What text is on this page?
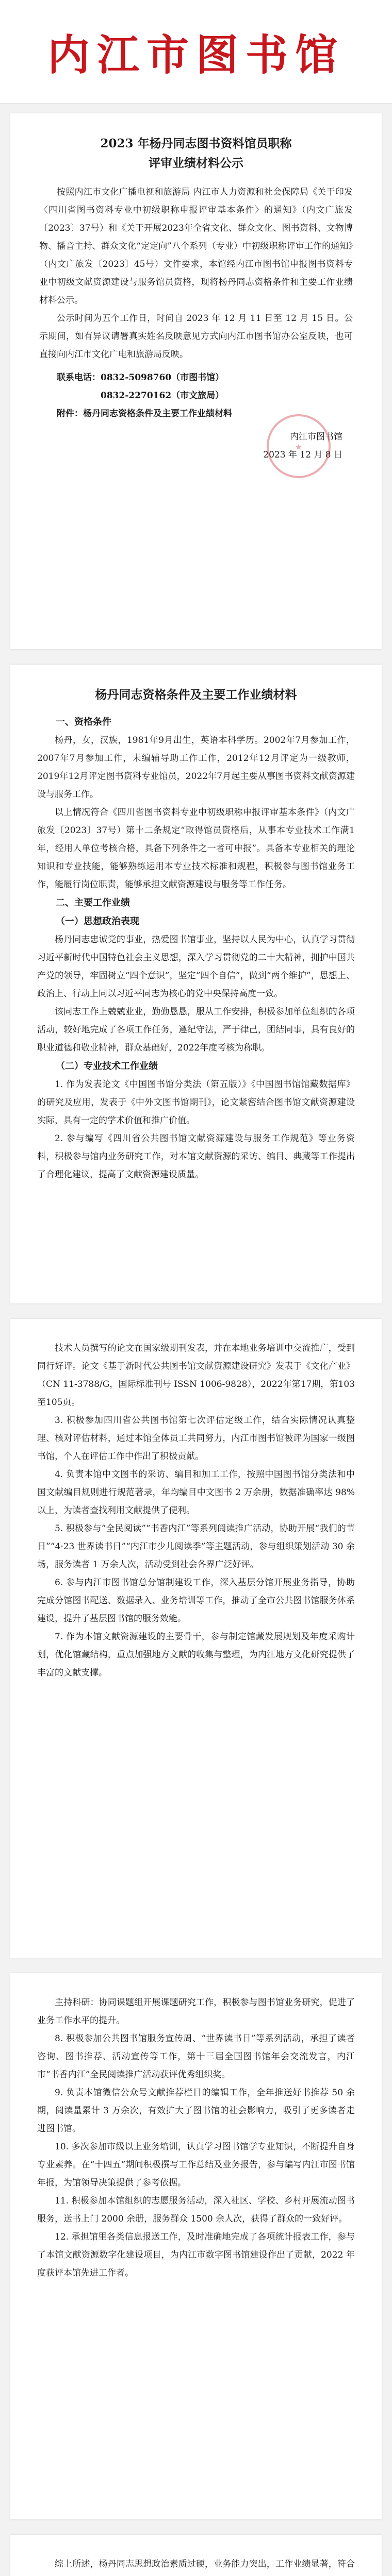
内江市图书馆

2023 年杨丹同志图书资料馆员职称

评审业绩材料公示

按照内江市文化广播电视和旅游局 内江市人力资源和社会保障局《关于印发〈四川省图书资料专业中初级职称申报评审基本条件〉的通知》（内文广旅发〔2023〕37号）和《关于开展2023年全省文化、群众文化、图书资料、文物博物、播音主持、群众文化“定定向”八个系列（专业）中初级职称评审工作的通知》（内文广旅发〔2023〕45号）文件要求，本馆经内江市图书馆申报图书资料专业中初级文献资源建设与服务馆员资格，现将杨丹同志资格条件和主要工作业绩材料公示。

公示时间为五个工作日，时间自 2023 年 12 月 11 日至 12 月 15 日。公示期间，如有异议请署真实姓名反映意见方式向内江市图书馆办公室反映，也可直接向内江市文化广电和旅游局反映。

联系电话：0832-5098760（市图书馆）

0832-2270162（市文旅局）

附件：杨丹同志资格条件及主要工作业绩材料

★

内江市图书馆

2023 年 12 月 8 日

杨丹同志资格条件及主要工作业绩材料

一、资格条件

杨丹，女，汉族，1981年9月出生，英语本科学历。2002年7月参加工作，2007年7月参加工作，未编辅导助工作工作，2012年12月评定为一级教师，2019年12月评定图书资料专业馆员，2022年7月起主要从事图书资料文献资源建设与服务工作。

以上情况符合《四川省图书资料专业中初级职称申报评审基本条件》（内文广旅发〔2023〕37号）第十二条规定“取得馆员资格后，从事本专业技术工作满1年，经用人单位考核合格，具备下列条件之一者可申报”。具备本专业相关的理论知识和专业技能，能够熟练运用本专业技术标准和规程，积极参与图书馆业务工作，能履行岗位职责，能够承担文献资源建设与服务等工作任务。

二、主要工作业绩

（一）思想政治表现

杨丹同志忠诚党的事业，热爱图书馆事业，坚持以人民为中心，认真学习贯彻习近平新时代中国特色社会主义思想，深入学习贯彻党的二十大精神，拥护中国共产党的领导，牢固树立“四个意识”，坚定“四个自信”，做到“两个维护”，思想上、政治上、行动上同以习近平同志为核心的党中央保持高度一致。

该同志工作上兢兢业业，勤勤恳恳，服从工作安排，积极参加单位组织的各项活动，较好地完成了各项工作任务，遵纪守法，严于律己，团结同事，具有良好的职业道德和敬业精神，群众基础好，2022年度考核为称职。

（二）专业技术工作业绩

1. 作为发表论文《中国图书馆分类法（第五版）》《中国图书馆馆藏数据库》的研究及应用，发表于《中外文图书馆期刊》，论文紧密结合图书馆文献资源建设实际，具有一定的学术价值和推广价值。

2. 参与编写《四川省公共图书馆文献资源建设与服务工作规范》等业务资料，积极参与馆内业务研究工作，对本馆文献资源的采访、编目、典藏等工作提出了合理化建议，提高了文献资源建设质量。

技术人员撰写的论文在国家级期刊发表，并在本地业务培训中交流推广，受到同行好评。论文《基于新时代公共图书馆文献资源建设研究》发表于《文化产业》（CN 11-3788/G，国际标准刊号 ISSN 1006-9828），2022年第17期，第103至105页。

3. 积极参加四川省公共图书馆第七次评估定级工作，结合实际情况认真整理、核对评估材料，通过本馆全体员工共同努力，内江市图书馆被评为国家一级图书馆，个人在评估工作中作出了积极贡献。

4. 负责本馆中文图书的采访、编目和加工工作，按照中国图书馆分类法和中国文献编目规则进行规范著录，年均编目中文图书 2 万余册，数据准确率达 98% 以上，为读者查找利用文献提供了便利。

5. 积极参与“全民阅读”“书香内江”等系列阅读推广活动，协助开展“我们的节日”“4·23 世界读书日”“内江市少儿阅读季”等主题活动，参与组织策划活动 30 余场，服务读者 1 万余人次，活动受到社会各界广泛好评。

6. 参与内江市图书馆总分馆制建设工作，深入基层分馆开展业务指导，协助完成分馆图书配送、数据录入、业务培训等工作，推动了全市公共图书馆服务体系建设，提升了基层图书馆的服务效能。

7. 作为本馆文献资源建设的主要骨干，参与制定馆藏发展规划及年度采购计划，优化馆藏结构，重点加强地方文献的收集与整理，为内江地方文化研究提供了丰富的文献支撑。

主持科研：协同课题组开展课题研究工作，积极参与图书馆业务研究，促进了业务工作水平的提升。

8. 积极参加公共图书馆服务宣传周、“世界读书日”等系列活动，承担了读者咨询、图书推荐、活动宣传等工作，第十三届全国图书馆年会交流发言，内江市“书香内江”全民阅读推广活动获评优秀组织奖。

9. 负责本馆微信公众号文献推荐栏目的编辑工作，全年推送好书推荐 50 余期，阅读量累计 3 万余次，有效扩大了图书馆的社会影响力，吸引了更多读者走进图书馆。

10. 多次参加市级以上业务培训，认真学习图书馆学专业知识，不断提升自身专业素养。在“十四五”期间积极撰写工作总结及业务报告，参与编写内江市图书馆年报，为馆领导决策提供了参考依据。

11. 积极参加本馆组织的志愿服务活动，深入社区、学校、乡村开展流动图书服务，送书上门 2000 余册，服务群众 1500 余人次，获得了群众的一致好评。

12. 承担馆里各类信息报送工作，及时准确地完成了各项统计报表工作，参与了本馆文献资源数字化建设项目，为内江市数字图书馆建设作出了贡献，2022 年度获评本馆先进工作者。

综上所述，杨丹同志思想政治素质过硬，业务能力突出，工作业绩显著，符合
